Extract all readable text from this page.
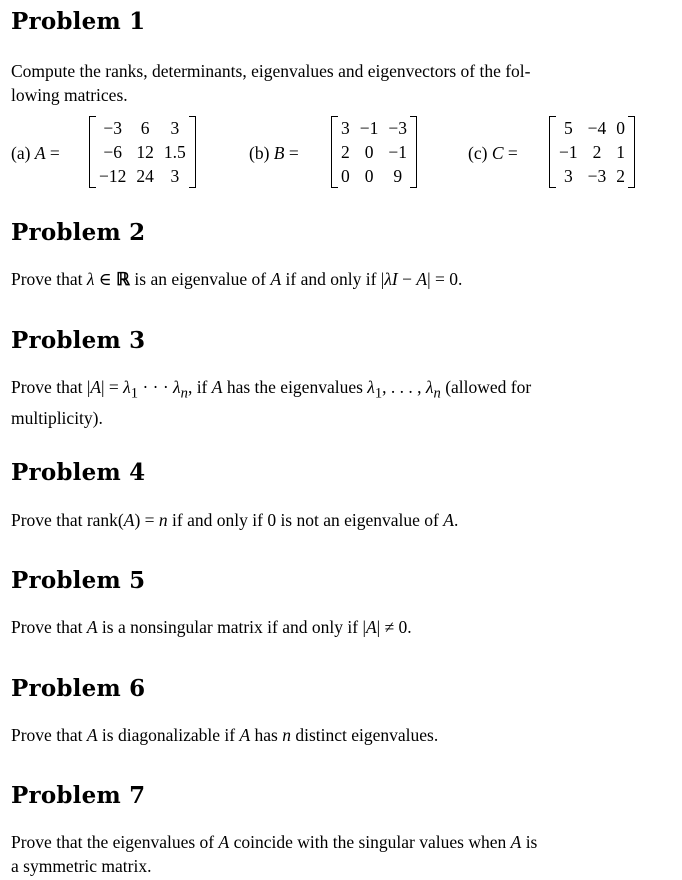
Problem 1

Compute the ranks, determinants, eigenvalues and eigenvectors of the fol-
lowing matrices.

(a) A =
−3	6	3
−6	12	1.5
−12	24	3
(b) B =
3	−1	−3
2	0	−1
0	0	9
(c) C =
5	−4	0
−1	2	1
3	−3	2
Problem 2

Prove that λ ∈ ℝ is an eigenvalue of A if and only if |λI − A| = 0.

Problem 3

Prove that $|A| = \lambda_1$ · · · $\lambda_n$, if A has the eigenvalues $\lambda_1$, . . . , $\lambda_n$ (allowed for
multiplicity).

Problem 4

Prove that rank(A) = n if and only if 0 is not an eigenvalue of A.

Problem 5

Prove that A is a nonsingular matrix if and only if |A| ≠ 0.

Problem 6

Prove that A is diagonalizable if A has n distinct eigenvalues.

Problem 7

Prove that the eigenvalues of A coincide with the singular values when A is
a symmetric matrix.
